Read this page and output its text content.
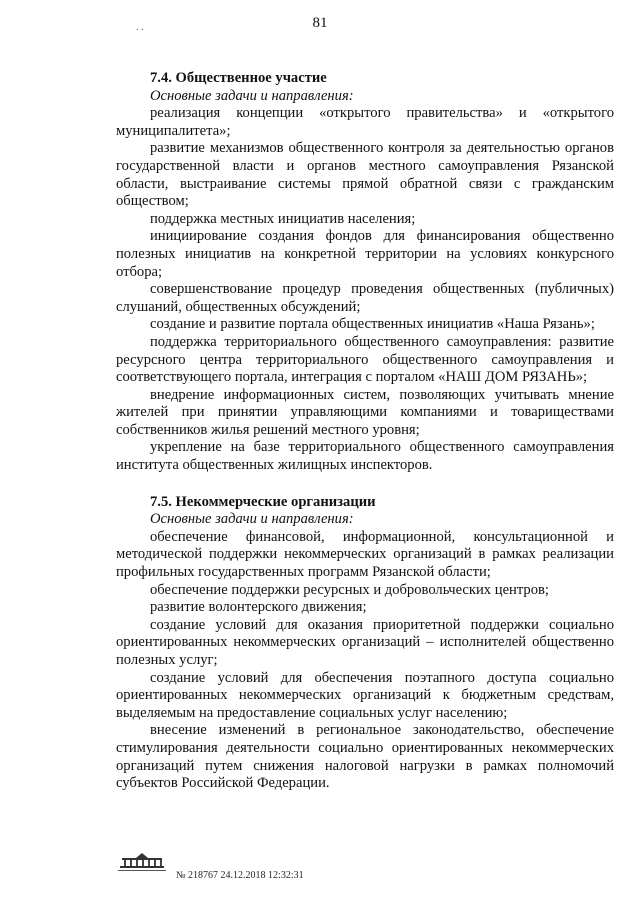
81
. .
7.4. Общественное участие
Основные задачи и направления:

реализация концепции «открытого правительства» и «открытого муниципалитета»;

развитие механизмов общественного контроля за деятельностью органов государственной власти и органов местного самоуправления Рязанской области, выстраивание системы прямой обратной связи с гражданским обществом;

поддержка местных инициатив населения;

инициирование создания фондов для финансирования общественно полезных инициатив на конкретной территории на условиях конкурсного отбора;

совершенствование процедур проведения общественных (публичных) слушаний, общественных обсуждений;

создание и развитие портала общественных инициатив «Наша Рязань»;

поддержка территориального общественного самоуправления: развитие ресурсного центра территориального общественного самоуправления и соответствующего портала, интеграция с порталом «НАШ ДОМ РЯЗАНЬ»;

внедрение информационных систем, позволяющих учитывать мнение жителей при принятии управляющими компаниями и товариществами собственников жилья решений местного уровня;

укрепление на базе территориального общественного самоуправления института общественных жилищных инспекторов.

7.5. Некоммерческие организации
Основные задачи и направления:

обеспечение финансовой, информационной, консультационной и методической поддержки некоммерческих организаций в рамках реализации профильных государственных программ Рязанской области;

обеспечение поддержки ресурсных и добровольческих центров;

развитие волонтерского движения;

создание условий для оказания приоритетной поддержки социально ориентированных некоммерческих организаций – исполнителей общественно полезных услуг;

создание условий для обеспечения поэтапного доступа социально ориентированных некоммерческих организаций к бюджетным средствам, выделяемым на предоставление социальных услуг населению;

внесение изменений в региональное законодательство, обеспечение стимулирования деятельности социально ориентированных некоммерческих организаций путем снижения налоговой нагрузки в рамках полномочий субъектов Российской Федерации.

№ 218767 24.12.2018 12:32:31
